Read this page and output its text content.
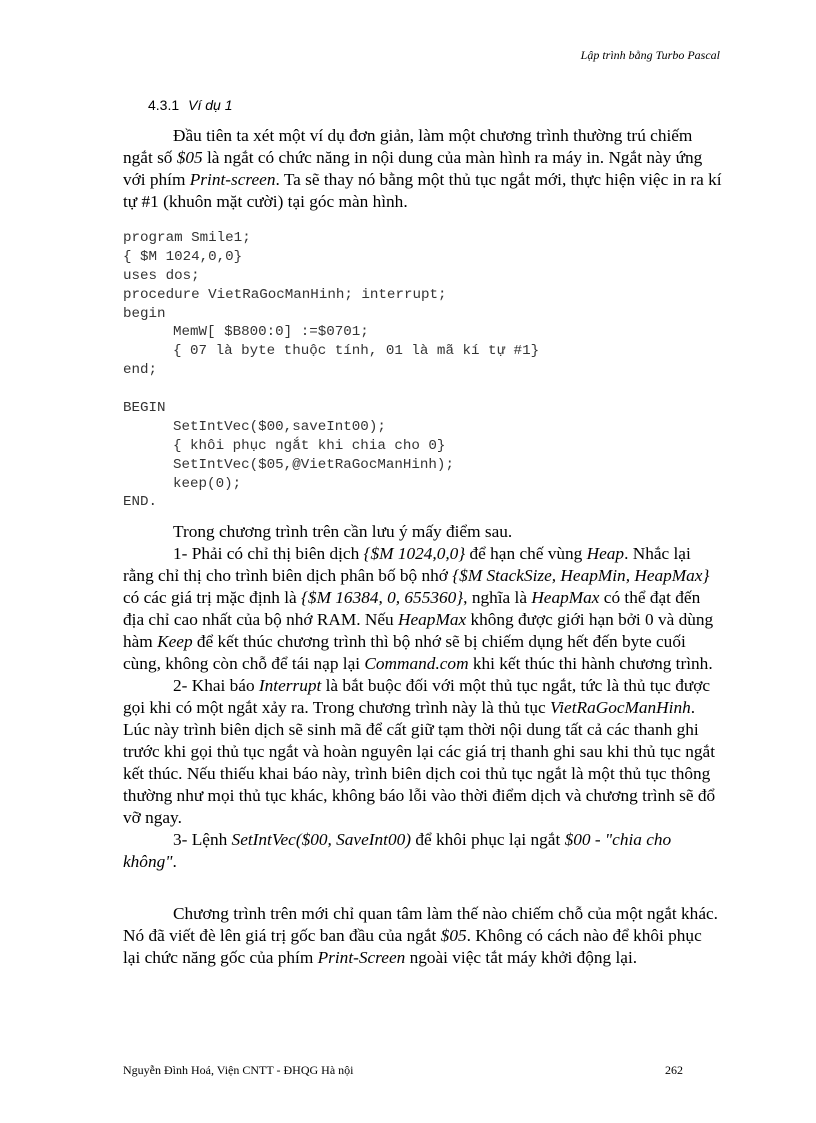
Lập trình bằng Turbo Pascal
4.3.1 Ví dụ 1

Đầu tiên ta xét một ví dụ đơn giản, làm một chương trình thường trú chiếm ngắt số $05 là ngắt có chức năng in nội dung của màn hình ra máy in. Ngắt này ứng với phím Print-screen. Ta sẽ thay nó bằng một thủ tục ngắt mới, thực hiện việc in ra kí tự #1 (khuôn mặt cười) tại góc màn hình.

program Smile1;
{ $M 1024,0,0}
uses dos;
procedure VietRaGocManHinh; interrupt;
begin
MemW[ $B800:0] :=$0701;
{ 07 là byte thuộc tính, 01 là mã kí tự #1}
end;
BEGIN
SetIntVec($00,saveInt00);
{ khôi phục ngắt khi chia cho 0}
SetIntVec($05,@VietRaGocManHinh);
keep(0);
END.

Trong chương trình trên cần lưu ý mấy điểm sau.

1- Phải có chỉ thị biên dịch {$M 1024,0,0} để hạn chế vùng Heap. Nhắc lại rằng chỉ thị cho trình biên dịch phân bố bộ nhớ {$M StackSize, HeapMin, HeapMax} có các giá trị mặc định là {$M 16384, 0, 655360}, nghĩa là HeapMax có thể đạt đến địa chỉ cao nhất của bộ nhớ RAM. Nếu HeapMax không được giới hạn bởi 0 và dùng hàm Keep để kết thúc chương trình thì bộ nhớ sẽ bị chiếm dụng hết đến byte cuối cùng, không còn chỗ để tái nạp lại Command.com khi kết thúc thi hành chương trình.

2- Khai báo Interrupt là bắt buộc đối với một thủ tục ngắt, tức là thủ tục được gọi khi có một ngắt xảy ra. Trong chương trình này là thủ tục VietRaGocManHinh. Lúc này trình biên dịch sẽ sinh mã để cất giữ tạm thời nội dung tất cả các thanh ghi trước khi gọi thủ tục ngắt và hoàn nguyên lại các giá trị thanh ghi sau khi thủ tục ngắt kết thúc. Nếu thiếu khai báo này, trình biên dịch coi thủ tục ngắt là một thủ tục thông thường như mọi thủ tục khác, không báo lỗi vào thời điểm dịch và chương trình sẽ đổ vỡ ngay.

3- Lệnh SetIntVec($00, SaveInt00) để khôi phục lại ngắt $00 - "chia cho không".

Chương trình trên mới chỉ quan tâm làm thế nào chiếm chỗ của một ngắt khác. Nó đã viết đè lên giá trị gốc ban đầu của ngắt $05. Không có cách nào để khôi phục lại chức năng gốc của phím Print-Screen ngoài việc tắt máy khởi động lại.

Nguyễn Đình Hoá, Viện CNTT - ĐHQG Hà nội	262
